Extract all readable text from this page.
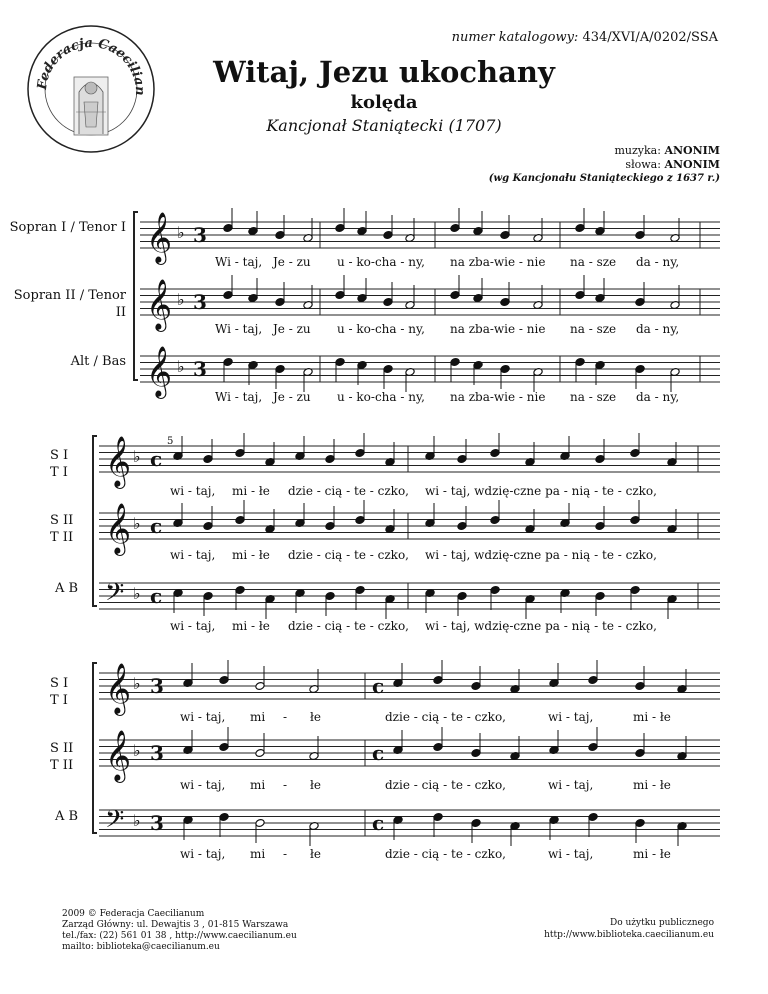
numer katalogowy: 434/XVI/A/0202/SSA
Witaj, Jezu ukochany
kolęda
Kancjonał Staniątecki (1707)
muzyka: ANONIM
słowa: ANONIM
(wg Kancjonału Staniąteckiego z 1637 r.)
Federacja Caecilian
Sopran I / Tenor I
Sopran II / Tenor II
Alt / Bas
S I T I
S II T II
A B
S I T I
S II T II
A B
𝄞 ♭ 3
𝄞 ♭ 3
𝄞 ♭ 3
𝄞 ♭ c
𝄞 ♭ c
𝄢 ♭ c
5
𝄞 ♭ 3	c
𝄞 ♭ 3	c
𝄢 ♭ 3	c
Wi - taj,
Wi - taj,
Wi - taj,
Je - zu
Je - zu
Je - zu
u - ko-cha - ny,
u - ko-cha - ny,
u - ko-cha - ny,
na zba-wie - nie
na zba-wie - nie
na zba-wie - nie
na - sze
na - sze
na - sze
da - ny,
da - ny,
da - ny,
wi - taj,
wi - taj,
wi - taj,
mi - łe
mi - łe
mi - łe
dzie - cią - te - czko,
dzie - cią - te - czko,
dzie - cią - te - czko,
wi - taj, wdzię-czne pa - nią - te - czko,
wi - taj, wdzię-czne pa - nią - te - czko,
wi - taj, wdzię-czne pa - nią - te - czko,
wi - taj,
wi - taj,
wi - taj,
mi
mi
mi
-
-
-
łe
łe
łe
dzie - cią - te - czko,
dzie - cią - te - czko,
dzie - cią - te - czko,
wi - taj,
wi - taj,
wi - taj,
mi - łe
mi - łe
mi - łe
2009 © Federacja Caecilianum
Zarząd Główny: ul. Dewajtis 3 , 01-815 Warszawa
tel./fax: (22) 561 01 38 , http://www.caecilianum.eu
mailto: biblioteka@caecilianum.eu
Do użytku publicznego
http://www.biblioteka.caecilianum.eu
